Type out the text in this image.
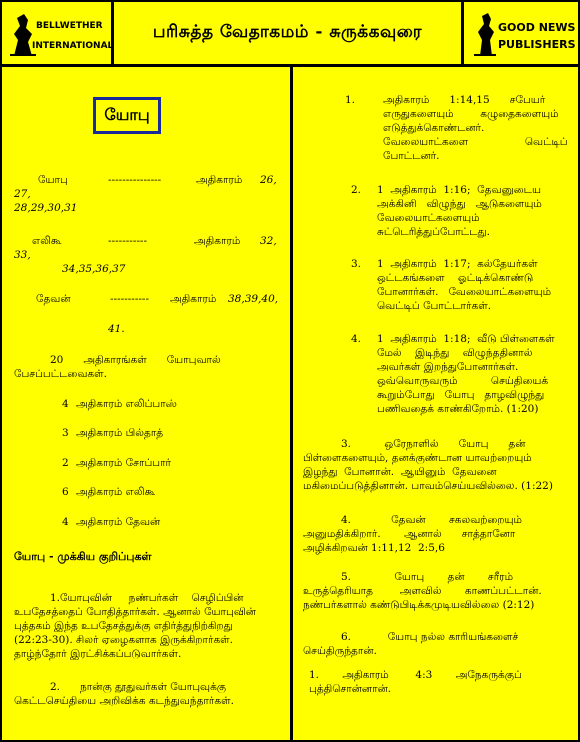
BELLWETHER
INTERNATIONAL
பரிசுத்த வேதாகமம் - சுருக்கவுரை	GOOD NEWS
PUBLISHERS
யோபு
யோபு	---------------	அதிகாரம் 26,
27,
28,29,30,31
எலிகூ	-----------	அதிகாரம் 32,
33,
34,35,36,37
தேவன்	----------- அதிகாரம் 38,39,40,
41.
20      அதிகாரங்கள்      யோபுவால்
பேசப்பட்டவைகள்.
4 அதிகாரம் எலிப்பாஸ்
3 அதிகாரம் பில்தாத்
2 அதிகாரம் சோப்பார்
6 அதிகாரம் எலிகூ
4 அதிகாரம் தேவன்
யோபு - முக்கிய குறிப்புகள்
1.யோபுவின்     நண்பர்கள்    செழிப்பின்
உபதேசத்தைப் போதித்தார்கள். ஆனால் யோபுவின்
புத்தகம் இந்த உபதேசத்துக்கு எதிர்த்துநிற்கிறது
(22:23-30). சிலர் ஏழைகளாக இருக்கிறார்கள்.
தாழ்ந்தோர் இரட்சிக்கப்படுவார்கள்.
2.      நான்கு தூதுவர்கள் யோபுவுக்கு
கெட்டசெய்தியை அறிவிக்க கடந்துவந்தார்கள்.
1.	அதிகாரம்      1:14,15      சபேயர்
எருதுகளையும்        கழுதைகளையும்
எடுத்துக்கொண்டனர்.
வேலையாட்களை                 வெட்டிப்
போட்டனர்.
2. 1  அதிகாரம்  1:16;  தேவனுடைய
அக்கினி   விழுந்து   ஆடுகளையும்
வேலையாட்களையும்
சுட்டெரித்துப்போட்டது.
3. 1  அதிகாரம்  1:17;  கல்தேயர்கள்
ஒட்டகங்களை    ஓட்டிக்கொண்டு
போனார்கள்.   வேலையாட்களையும்
வெட்டிப் போட்டார்கள்.
4. 1  அதிகாரம்  1:18;  வீடு பிள்ளைகள்
மேல்    இடிந்து    விழுந்ததினால்
அவர்கள் இறந்துபோனார்கள்.
ஒவ்வொருவரும்          செய்தியைக்
கூறும்போது   யோபு   தாழவிழுந்து
பணிவதைக் காண்கிறோம். (1:20)
3.          ஒரேநாளில்      யோபு      தன்
பிள்ளைகளையும், தனக்குண்டான யாவற்றையும்
இழந்து  போனான்.  ஆயினும்  தேவனை
மகிமைப்படுத்தினான். பாவம்செய்யவில்லை. (1:22)
4.            தேவன்       சகலவற்றையும்
அனுமதிக்கிறார்.       ஆனால்      சாத்தானோ
அழிக்கிறவன் 1:11,12  2:5,6
5.             யோபு       தன்       சரீரம்
உருத்தெரியாத        அளவில்       காணப்பட்டான்.
நண்பர்களால் கண்டுபிடிக்கமுடியவில்லை (2:12)
6.           யோபு நல்ல காரியங்களைச்
செய்திருந்தான்.
1.       அதிகாரம்        4:3       அநேகருக்குப்
புத்திசொன்னான்.
